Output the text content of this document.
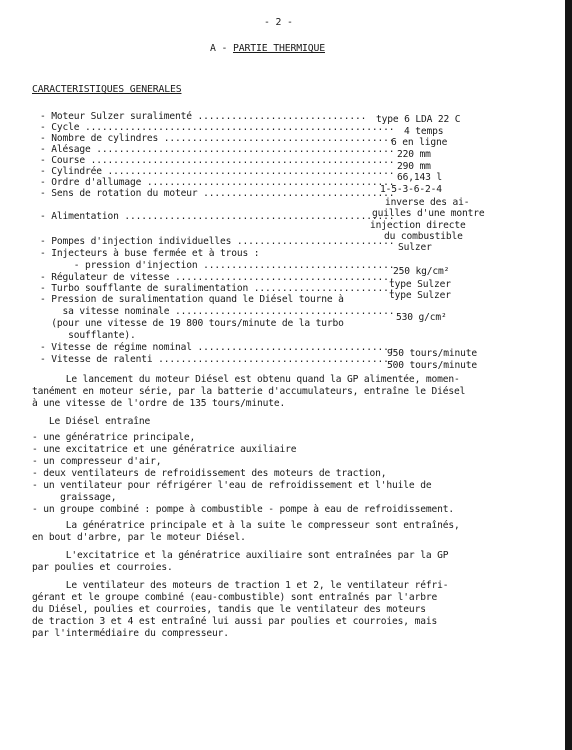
- 2 -
A - PARTIE THERMIQUE
CARACTERISTIQUES GENERALES
- Moteur Sulzer suralimenté .............................. type 6 LDA 22 C
- Cycle ....................................................... 4 temps
- Nombre de cylindres .........................................
6 en ligne
- Alésage ..................................................... 220 mm
- Course ......................................................
290 mm
- Cylindrée ...................................................
66,143 l
- Ordre d'allumage ............................................
1-5-3-6-2-4
- Sens de rotation du moteur ..................................
inverse des ai-
guilles d'une montre
- Alimentation ................................................
injection directe
du combustible
- Pompes d'injection individuelles ............................
Sulzer
- Injecteurs à buse fermée et à trous :
- pression d'injection ..................................
250 kg/cm²
- Régulateur de vitesse .......................................
type Sulzer
- Turbo soufflante de suralimentation .........................
type Sulzer
- Pression de suralimentation quand le Diésel tourne à
sa vitesse nominale .......................................
530 g/cm²
(pour une vitesse de 19 800 tours/minute de la turbo
soufflante).
- Vitesse de régime nominal ...................................
950 tours/minute
- Vitesse de ralenti ..........................................
500 tours/minute
Le lancement du moteur Diésel est obtenu quand la GP alimentée, momen-
tanément en moteur série, par la batterie d'accumulateurs, entraîne le Diésel
à une vitesse de l'ordre de 135 tours/minute.
Le Diésel entraîne
- une génératrice principale,
- une excitatrice et une génératrice auxiliaire
- un compresseur d'air,
- deux ventilateurs de refroidissement des moteurs de traction,
- un ventilateur pour réfrigérer l'eau de refroidissement et l'huile de
graissage,
- un groupe combiné : pompe à combustible - pompe à eau de refroidissement.
La génératrice principale et à la suite le compresseur sont entraînés,
en bout d'arbre, par le moteur Diésel.
L'excitatrice et la génératrice auxiliaire sont entraînées par la GP
par poulies et courroies.
Le ventilateur des moteurs de traction 1 et 2, le ventilateur réfri-
gérant et le groupe combiné (eau-combustible) sont entraînés par l'arbre
du Diésel, poulies et courroies, tandis que le ventilateur des moteurs
de traction 3 et 4 est entraîné lui aussi par poulies et courroies, mais
par l'intermédiaire du compresseur.
